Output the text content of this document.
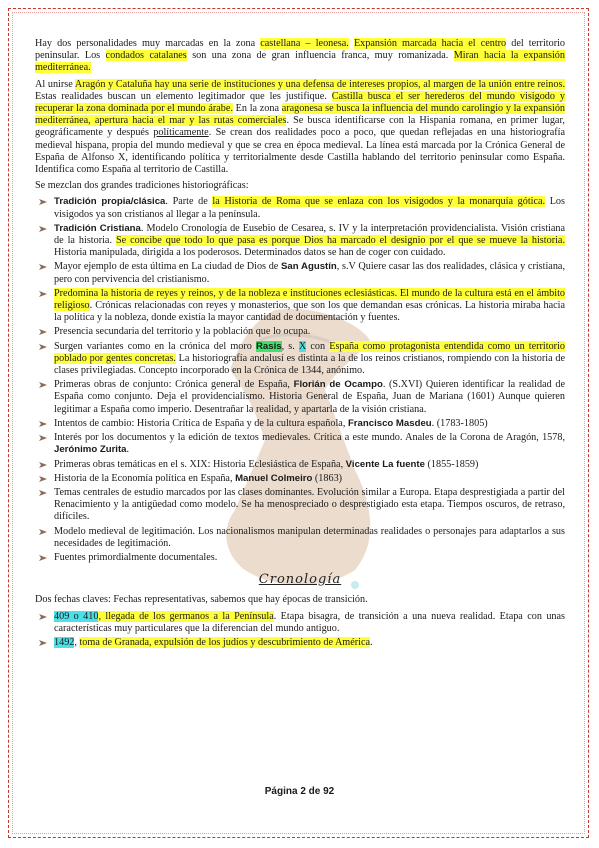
Hay dos personalidades muy marcadas en la zona castellana – leonesa. Expansión marcada hacia el centro del territorio peninsular. Los condados catalanes son una zona de gran influencia franca, muy romanizada. Miran hacia la expansión mediterránea.

Al unirse Aragón y Cataluña hay una serie de instituciones y una defensa de intereses propios, al margen de la unión entre reinos. Estas realidades buscan un elemento legitimador que les justifique. Castilla busca el ser herederos del mundo visigodo y recuperar la zona dominada por el mundo árabe. En la zona aragonesa se busca la influencia del mundo carolingio y la expansión mediterránea, apertura hacia el mar y las rutas comerciales. Se busca identificarse con la Hispania romana, en primer lugar, geográficamente y después políticamente. Se crean dos realidades poco a poco, que quedan reflejadas en una historiografía medieval hispana, propia del mundo medieval y que se crea en época medieval. La línea está marcada por la Crónica General de España de Alfonso X, identificando política y territorialmente desde Castilla hablando del territorio peninsular como España. Identifica como España al territorio de Castilla.

Se mezclan dos grandes tradiciones historiográficas:

Tradición propia/clásica. Parte de la Historia de Roma que se enlaza con los visigodos y la monarquía gótica. Los visigodos ya son cristianos al llegar a la península.
Tradición Cristiana. Modelo Cronología de Eusebio de Cesarea, s. IV y la interpretación providencialista. Visión cristiana de la historia. Se concibe que todo lo que pasa es porque Dios ha marcado el designio por el que se mueve la historia. Historia manipulada, dirigida a los poderosos. Determinados datos se han de coger con cuidado.
Mayor ejemplo de esta última en La ciudad de Dios de San Agustín, s.V Quiere casar las dos realidades, clásica y cristiana, pero con pervivencia del cristianismo.
Predomina la historia de reyes y reinos, y de la nobleza e instituciones eclesiásticas. El mundo de la cultura está en el ámbito religioso. Crónicas relacionadas con reyes y monasterios, que son los que demandan esas crónicas. La historia miraba hacia la política y la nobleza, donde existía la mayor cantidad de documentación y fuentes.
Presencia secundaria del territorio y la población que lo ocupa.
Surgen variantes como en la crónica del moro Rasis, s. X con España como protagonista entendida como un territorio poblado por gentes concretas. La historiografía andalusí es distinta a la de los reinos cristianos, rompiendo con la historia de clases privilegiadas. Concepto incorporado en la Crónica de 1344, anónimo.
Primeras obras de conjunto: Crónica general de España, Florián de Ocampo. (S.XVI) Quieren identificar la realidad de España como conjunto. Deja el providencialismo. Historia General de España, Juan de Mariana (1601) Aunque quieren legitimar a España como imperio. Desentrañar la realidad, y apartarla de la visión cristiana.
Intentos de cambio: Historia Crítica de España y de la cultura española, Francisco Masdeu. (1783-1805)
Interés por los documentos y la edición de textos medievales. Crítica a este mundo. Anales de la Corona de Aragón, 1578, Jerónimo Zurita.
Primeras obras temáticas en el s. XIX: Historia Eclesiástica de España, Vicente La fuente (1855-1859)
Historia de la Economía política en España, Manuel Colmeiro (1863)
Temas centrales de estudio marcados por las clases dominantes. Evolución similar a Europa. Etapa desprestigiada a partir del Renacimiento y la antigüedad como modelo. Se ha menospreciado o desprestigiado esta etapa. Tiempos oscuros, de retraso, difíciles.
Modelo medieval de legitimación. Los nacionalismos manipulan determinadas realidades o personajes para adaptarlos a sus necesidades de legitimación.
Fuentes primordialmente documentales.
Cronología

Dos fechas claves: Fechas representativas, sabemos que hay épocas de transición.

409 o 410, llegada de los germanos a la Península. Etapa bisagra, de transición a una nueva realidad. Etapa con unas características muy particulares que la diferencian del mundo antiguo.
1492, toma de Granada, expulsión de los judíos y descubrimiento de América.
Página 2 de 92
